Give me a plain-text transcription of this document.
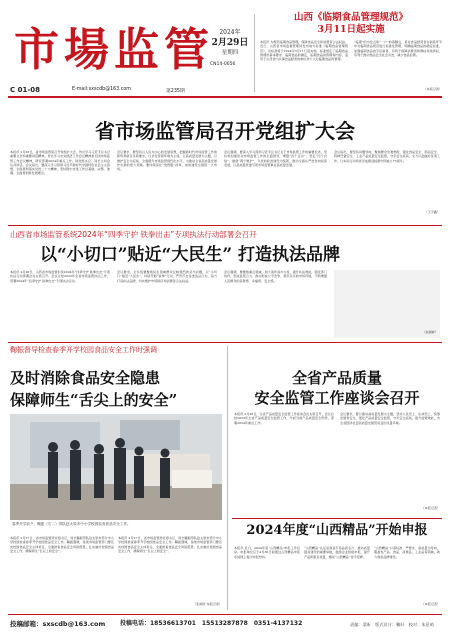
市場监管 2024年
2月29日
星期四
CN14-0056
C 01-08	E-mail:sxscdb@163.com	第235期
山西《临期食品管理规范》
3月11日起实施
本报讯 为规范临期食品管理，保障食品安全和消费者合法权益，近日，山西省市场监督管理局发布地方标准《临期食品管理规范》，该标准将于2024年3月11日起实施。标准规定了临期食品管理的基本要求、临期食品的确定、临期食品的管理等内容，适用于山西省内从事食品经营的单位和个人对临期食品的管理。
“临期”的出发点和“一户”的落脚点，是对食品经营者在销售环节中对临期食品规范进行标准化管理，明确临期食品的确定标准，加强临期食品的专区销售，有利于保障消费者知情权和选择权，有利于推动食品安全社会共治，减少食品浪费。
（本报记者）
省市场监管局召开党组扩大会
本报讯 2月26日，省市场监管局召开党组扩大会，传达学习习近平总书记重要文章和重要讲话精神，传达学习中央经济工作会议精神和全国市场监管工作会议精神，研究部署2024年重点工作。局党组书记、局长主持会议并讲话。会议指出，要深入学习贯彻习近平新时代中国特色社会主义思想，全面贯彻落实党的二十大精神，坚持稳中求进工作总基调，完整、准确、全面贯彻新发展理念。
会议要求，要坚持以人民为中心的发展思想，把握新时代市场监管工作的新形势新任务新要求，以优化营商环境为主线，以高质量发展为主题，以维护安全为底线，全面提升市场监管现代化水平，为推动全省高质量发展作出新的更大贡献。要持续深化“放管服”改革，加快建设全国统一大市场。
会议强调，要深入学习贯彻习近平总书记关于市场监管工作的重要论述，坚持和加强党对市场监管工作的全面领导，增强“四个意识”、坚定“四个自信”、做到“两个维护”，以党的政治建设为统领，推动全面从严治党向纵深发展，以高质量党建引领市场监管事业高质量发展。
会议指出，要坚持问题导向，聚焦群众急难愁盼，强化食品安全、药品安全、特种设备安全、工业产品质量安全监管，守牢安全底线，全力以赴做好各项工作，以实际行动和优异成绩迎接新中国成立75周年。
（王宇鑫）
山西省市场监管系统2024年“四季守护 铁拳出击”专项执法行动部署会召开
以“小切口”贴近“大民生” 打造执法品牌
本报讯 2月26日，山西省市场监管系统2024年“四季守护 铁拳出击”专项执法行动部署会在太原召开。会议总结2023年全省市场监管执法工作，部署2024年“四季守护 铁拳出击”专项执法行动。
会议要求，全系统要聚焦民生领域群众反映强烈的突出问题，以“小切口”贴近“大民生”，持续开展“铁拳”行动，严厉打击各类违法行为，着力打造执法品牌，切实维护市场秩序和消费者合法权益。
会议强调，要聚焦重点领域，加大案件查办力度，提升执法效能，强化部门协作，形成监管合力，推动形成公平竞争、规范有序的市场环境，不断增强人民群众的获得感、幸福感、安全感。
（赵晨彬）
鞠振督导检查春季开学校园食品安全工作时强调
及时消除食品安全隐患
保障师生“舌尖上的安全”
春季开学前夕，鞠振（右二）带队赴太原市中小学校园检查食品安全工作。
本报讯 2月27日，省市场监管局党组书记、局长鞠振带队赴太原市部分中小学校园检查春季开学校园食品安全工作。鞠振强调，各级市场监管部门要压实校园食品安全主体责任，全面排查食品安全风险隐患，扎实做好校园食品安全工作，确保师生“舌尖上的安全”。
本报讯 2月27日，省市场监管局党组书记、局长鞠振带队赴太原市部分中小学校园检查春季开学校园食品安全工作。鞠振强调，各级市场监管部门要压实校园食品安全主体责任，全面排查食品安全风险隐患，扎实做好校园食品安全工作，确保师生“舌尖上的安全”。
（张雨欣 本报记者）
全省产品质量
安全监管工作座谈会召开
本报讯 2月28日，全省产品质量安全监管工作座谈会在太原召开，会议总结2023年全省产品质量安全监管工作，分析当前产品质量安全形势，部署2024年重点工作。
会议要求，要以推动高质量发展为主题，坚持人民至上、生命至上，统筹发展和安全，强化产品质量安全监管，守牢安全底线，提升监管效能，为全省经济社会高质量发展营造良好质量环境。
（本报记者）
2024年度“山西精品”开始申报
本报讯 近日，2024年度“山西精品”申报工作启动。申报单位应于4月30日前通过山西精品申报系统网上提交申报材料。
“山西精品”认证是我省打造品质名片、推动质量强省建设的重要举措，鼓励企业积极申报，提升产品和服务质量，擦亮“山西精品”金字招牌。
“山西精品”以高标准、严要求、高质量为导向，覆盖农产品、食品、消费品、工业品等领域，助力我省品牌建设。
（本报记者）
投稿邮箱：sxscdb@163.com 投稿电话：18536613701　15513287878　0351-4137132	责编：梁昕　版式设计：鞠轩　校对：朱意萌
